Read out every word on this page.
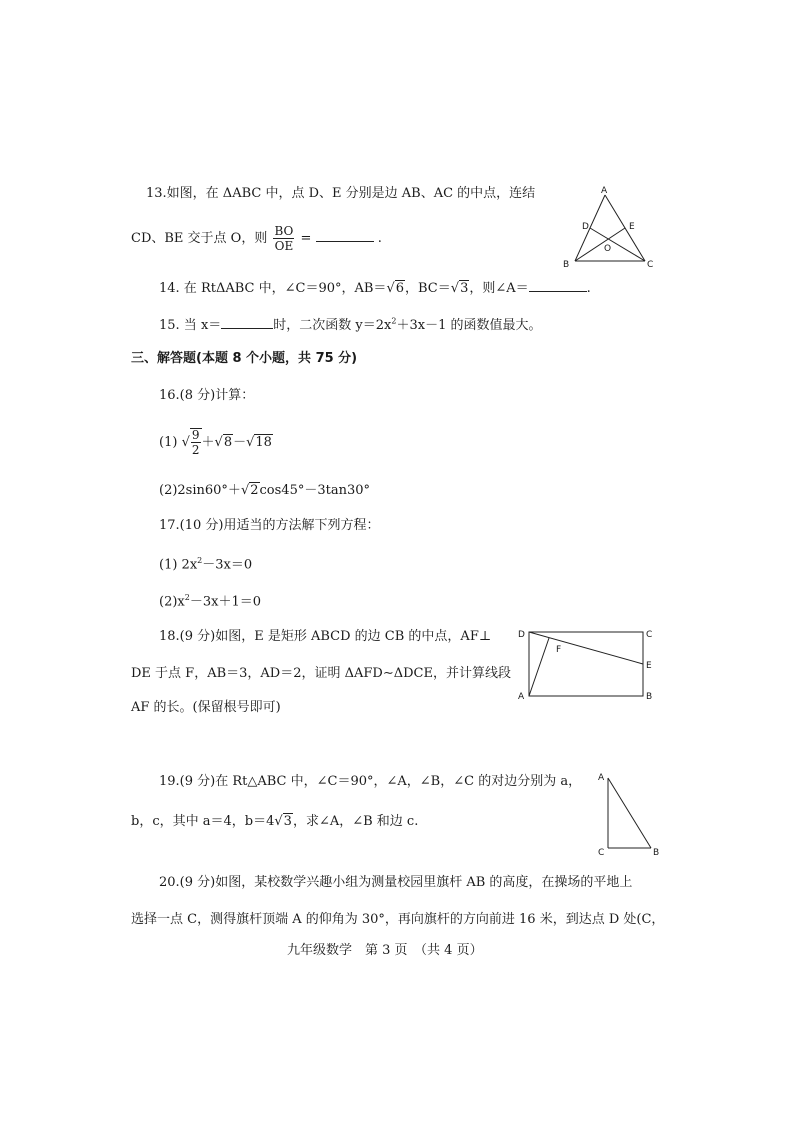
13.如图，在 ΔABC 中，点 D、E 分别是边 AB、AC 的中点，连结
CD、BE 交于点 O，则 $\frac{BO}{OE}$ =	.
A
B	C
D	E
O
14. 在 RtΔABC 中，∠C＝90°，AB＝√6，BC＝√3，则∠A＝	.
15. 当 x＝	时，二次函数 $y=2x^2+3x-1$ 的函数值最大。
三、解答题(本题 8 个小题，共 75 分)
16.(8 分)计算：
(1) √ $\frac{9}{2} +√8-√18$
(2)2sin60°＋√2cos45°－3tan30°
17.(10 分)用适当的方法解下列方程：
(1) $2x^2-3x=0$
$(2)x^2-3x+1=0$
18.(9 分)如图，E 是矩形 ABCD 的边 CB 的中点，AF⊥
DE 于点 F，AB＝3，AD＝2，证明 ΔAFD∼ΔDCE，并计算线段
AF 的长。(保留根号即可)
D	C
E
A	B
F
19.(9 分)在 Rt△ABC 中，∠C＝90°，∠A，∠B，∠C 的对边分别为 a，
b，c，其中 a＝4，b＝4√3，求∠A，∠B 和边 c.
A
C	B
20.(9 分)如图，某校数学兴趣小组为测量校园里旗杆 AB 的高度，在操场的平地上
选择一点 C，测得旗杆顶端 A 的仰角为 30°，再向旗杆的方向前进 16 米，到达点 D 处(C，
九年级数学　第 3 页　（共 4 页）
